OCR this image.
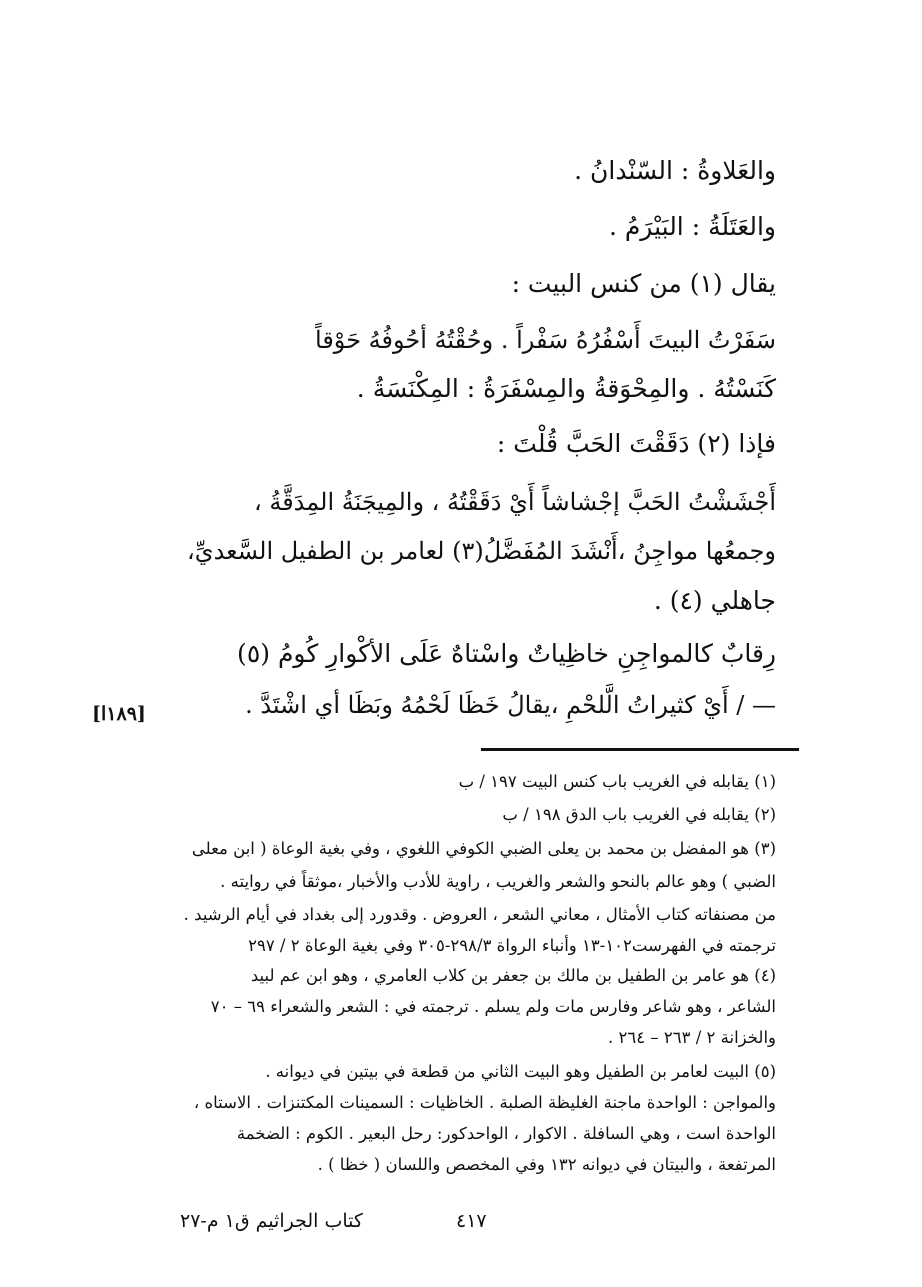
والعَلاوةُ : السّنْدانُ .
والعَتَلَةُ : البَيْرَمُ .
يقال (١) من كنس البيت :
سَفَرْتُ البيتَ أَسْفُرُهُ سَفْراً . وحُقْتُهُ أحُوفُهُ حَوْقاً
كَنَسْتُهُ . والمِحْوَقةُ والمِسْفَرَةُ : المِكْنَسَةُ .
فإذا (٢) دَقَقْتَ الحَبَّ قُلْتَ :
أَجْشَشْتُ الحَبَّ إجْشاشاً أَيْ دَقَقْتُهُ ، والمِيجَنَةُ المِدَقَّةُ ،
وجمعُها مواجِنُ ،أَنْشَدَ المُفَضَّلُ(٣) لعامر بن الطفيل السَّعديِّ،
جاهلي (٤) .
رِقابٌ كالمواجِنِ خاظِياتٌ واسْتاهٌ عَلَى الأكْوارِ كُومُ (٥)
— / أَيْ كثيراتُ الَّلحْمِ ،يقالُ خَظَا لَحْمُهُ وبَظَا أي اشْتَدَّ .
[١٨٩ا]
(١) يقابله في الغريب باب كنس البيت ١٩٧ / ب
(٢) يقابله في الغريب باب الدق ١٩٨ / ب
(٣) هو المفضل بن محمد بن يعلى الضبي الكوفي اللغوي ، وفي بغية الوعاة ( ابن معلى
الضبي ) وهو عالم بالنحو والشعر والغريب ، راوية للأدب والأخبار ،موثقاً في روايته .
من مصنفاته كتاب الأمثال ، معاني الشعر ، العروض . وقدورد إلى بغداد في أيام الرشيد .
ترجمته في الفهرست١٠٢-١٣ وأنباء الرواة ٢٩٨/٣-٣٠٥ وفي بغية الوعاة ٢ / ٢٩٧
(٤) هو عامر بن الطفيل بن مالك بن جعفر بن كلاب العامري ، وهو ابن عم لبيد
الشاعر ، وهو شاعر وفارس مات ولم يسلم . ترجمته في : الشعر والشعراء ٦٩ – ٧٠
والخزانة ٢ / ٢٦٣ – ٢٦٤ .
(٥) البيت لعامر بن الطفيل وهو البيت الثاني من قطعة في بيتين في ديوانه .
والمواجن : الواحدة ماجنة الغليظة الصلبة . الخاظيات : السمينات المكتنزات . الاستاه ،
الواحدة است ، وهي السافلة . الاكوار ، الواحدكور: رحل البعير . الكوم : الضخمة
المرتفعة ، والبيتان في ديوانه ١٣٢ وفي المخصص واللسان ( خظا ) .
كتاب الجراثيم ق١ م-٢٧	٤١٧
